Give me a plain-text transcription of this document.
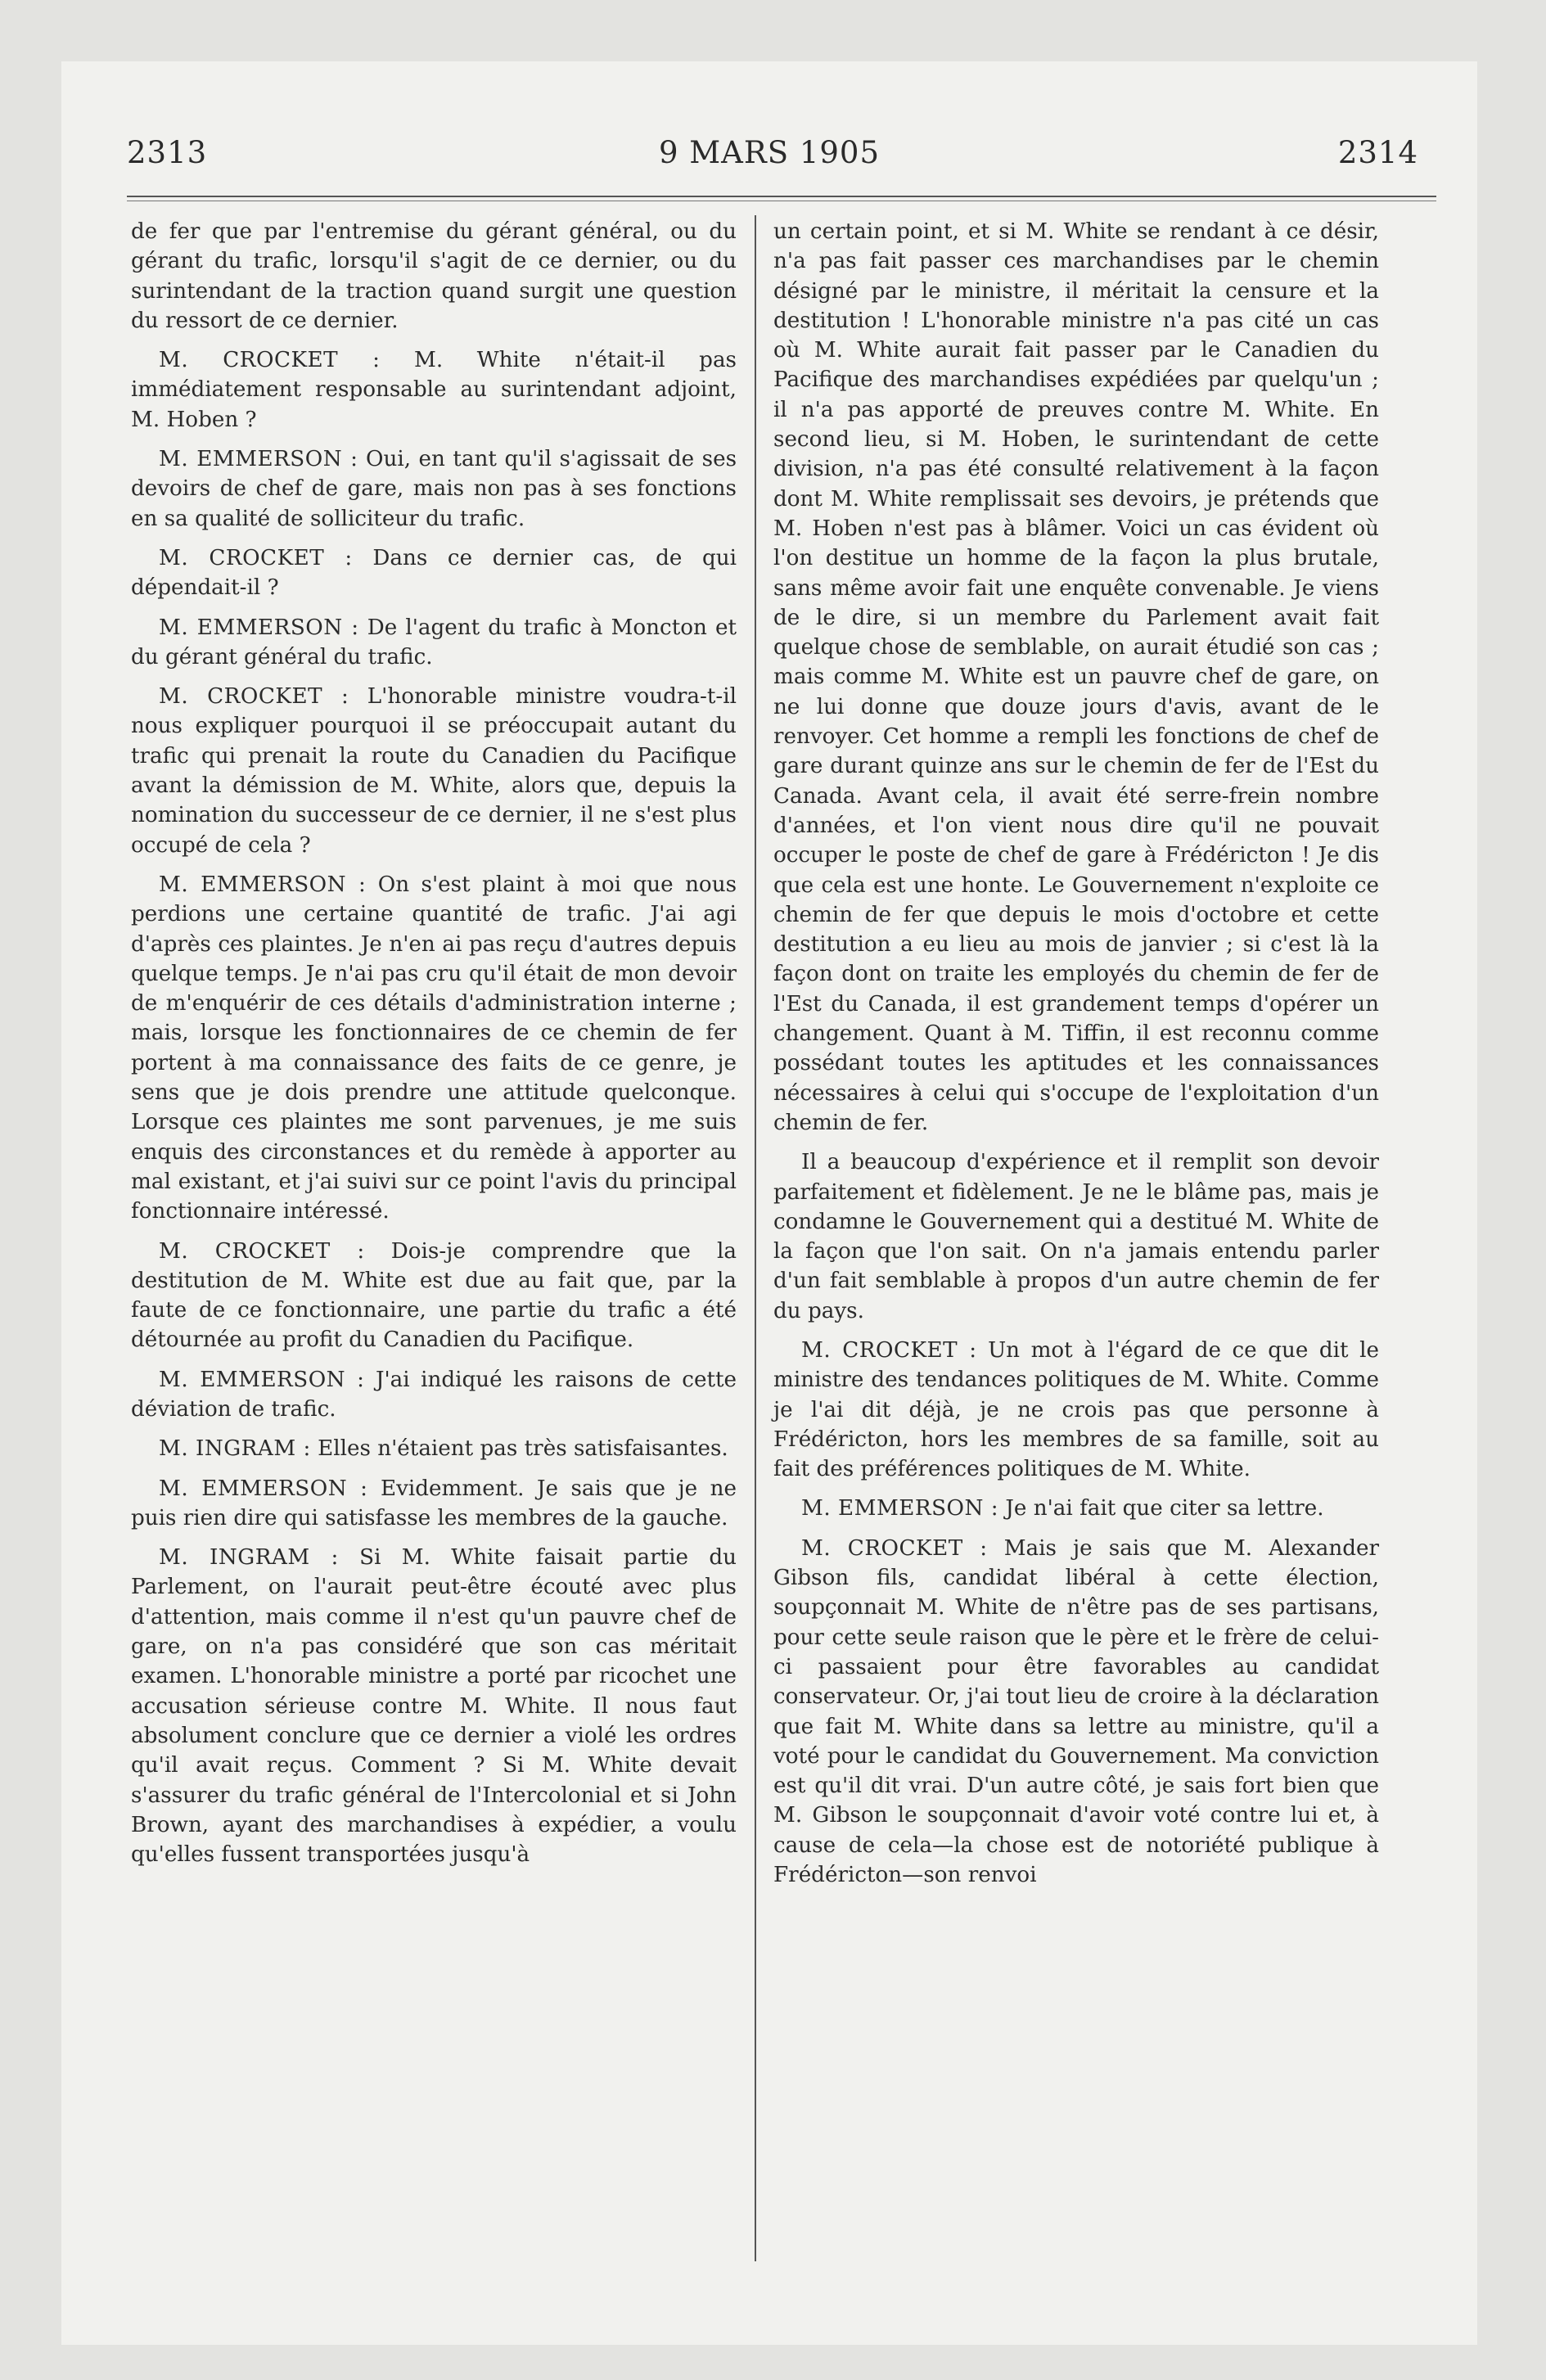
2313	9 MARS 1905	2314

de fer que par l'entremise du gérant général, ou du gérant du trafic, lorsqu'il s'agit de ce dernier, ou du surintendant de la traction quand surgit une question du ressort de ce dernier.

M. CROCKET : M. White n'était-il pas immédiatement responsable au surintendant adjoint, M. Hoben ?

M. EMMERSON : Oui, en tant qu'il s'agissait de ses devoirs de chef de gare, mais non pas à ses fonctions en sa qualité de solliciteur du trafic.

M. CROCKET : Dans ce dernier cas, de qui dépendait-il ?

M. EMMERSON : De l'agent du trafic à Moncton et du gérant général du trafic.

M. CROCKET : L'honorable ministre voudra-t-il nous expliquer pourquoi il se préoccupait autant du trafic qui prenait la route du Canadien du Pacifique avant la démission de M. White, alors que, depuis la nomination du successeur de ce dernier, il ne s'est plus occupé de cela ?

M. EMMERSON : On s'est plaint à moi que nous perdions une certaine quantité de trafic. J'ai agi d'après ces plaintes. Je n'en ai pas reçu d'autres depuis quelque temps. Je n'ai pas cru qu'il était de mon devoir de m'enquérir de ces détails d'administration interne ; mais, lorsque les fonctionnaires de ce chemin de fer portent à ma connaissance des faits de ce genre, je sens que je dois prendre une attitude quelconque. Lorsque ces plaintes me sont parvenues, je me suis enquis des circonstances et du remède à apporter au mal existant, et j'ai suivi sur ce point l'avis du principal fonctionnaire intéressé.

M. CROCKET : Dois-je comprendre que la destitution de M. White est due au fait que, par la faute de ce fonctionnaire, une partie du trafic a été détournée au profit du Canadien du Pacifique.

M. EMMERSON : J'ai indiqué les raisons de cette déviation de trafic.

M. INGRAM : Elles n'étaient pas très satisfaisantes.

M. EMMERSON : Evidemment. Je sais que je ne puis rien dire qui satisfasse les membres de la gauche.

M. INGRAM : Si M. White faisait partie du Parlement, on l'aurait peut-être écouté avec plus d'attention, mais comme il n'est qu'un pauvre chef de gare, on n'a pas considéré que son cas méritait examen. L'honorable ministre a porté par ricochet une accusation sérieuse contre M. White. Il nous faut absolument conclure que ce dernier a violé les ordres qu'il avait reçus. Comment ? Si M. White devait s'assurer du trafic général de l'Intercolonial et si John Brown, ayant des marchandises à expédier, a voulu qu'elles fussent transportées jusqu'à

un certain point, et si M. White se rendant à ce désir, n'a pas fait passer ces marchandises par le chemin désigné par le ministre, il méritait la censure et la destitution ! L'honorable ministre n'a pas cité un cas où M. White aurait fait passer par le Canadien du Pacifique des marchandises expédiées par quelqu'un ; il n'a pas apporté de preuves contre M. White. En second lieu, si M. Hoben, le surintendant de cette division, n'a pas été consulté relativement à la façon dont M. White remplissait ses devoirs, je prétends que M. Hoben n'est pas à blâmer. Voici un cas évident où l'on destitue un homme de la façon la plus brutale, sans même avoir fait une enquête convenable. Je viens de le dire, si un membre du Parlement avait fait quelque chose de semblable, on aurait étudié son cas ; mais comme M. White est un pauvre chef de gare, on ne lui donne que douze jours d'avis, avant de le renvoyer. Cet homme a rempli les fonctions de chef de gare durant quinze ans sur le chemin de fer de l'Est du Canada. Avant cela, il avait été serre-frein nombre d'années, et l'on vient nous dire qu'il ne pouvait occuper le poste de chef de gare à Frédéricton ! Je dis que cela est une honte. Le Gouvernement n'exploite ce chemin de fer que depuis le mois d'octobre et cette destitution a eu lieu au mois de janvier ; si c'est là la façon dont on traite les employés du chemin de fer de l'Est du Canada, il est grandement temps d'opérer un changement. Quant à M. Tiffin, il est reconnu comme possédant toutes les aptitudes et les connaissances nécessaires à celui qui s'occupe de l'exploitation d'un chemin de fer.

Il a beaucoup d'expérience et il remplit son devoir parfaitement et fidèlement. Je ne le blâme pas, mais je condamne le Gouvernement qui a destitué M. White de la façon que l'on sait. On n'a jamais entendu parler d'un fait semblable à propos d'un autre chemin de fer du pays.

M. CROCKET : Un mot à l'égard de ce que dit le ministre des tendances politiques de M. White. Comme je l'ai dit déjà, je ne crois pas que personne à Frédéricton, hors les membres de sa famille, soit au fait des préférences politiques de M. White.

M. EMMERSON : Je n'ai fait que citer sa lettre.

M. CROCKET : Mais je sais que M. Alexander Gibson fils, candidat libéral à cette élection, soupçonnait M. White de n'être pas de ses partisans, pour cette seule raison que le père et le frère de celui-ci passaient pour être favorables au candidat conservateur. Or, j'ai tout lieu de croire à la déclaration que fait M. White dans sa lettre au ministre, qu'il a voté pour le candidat du Gouvernement. Ma conviction est qu'il dit vrai. D'un autre côté, je sais fort bien que M. Gibson le soupçonnait d'avoir voté contre lui et, à cause de cela—la chose est de notoriété publique à Frédéricton—son renvoi
